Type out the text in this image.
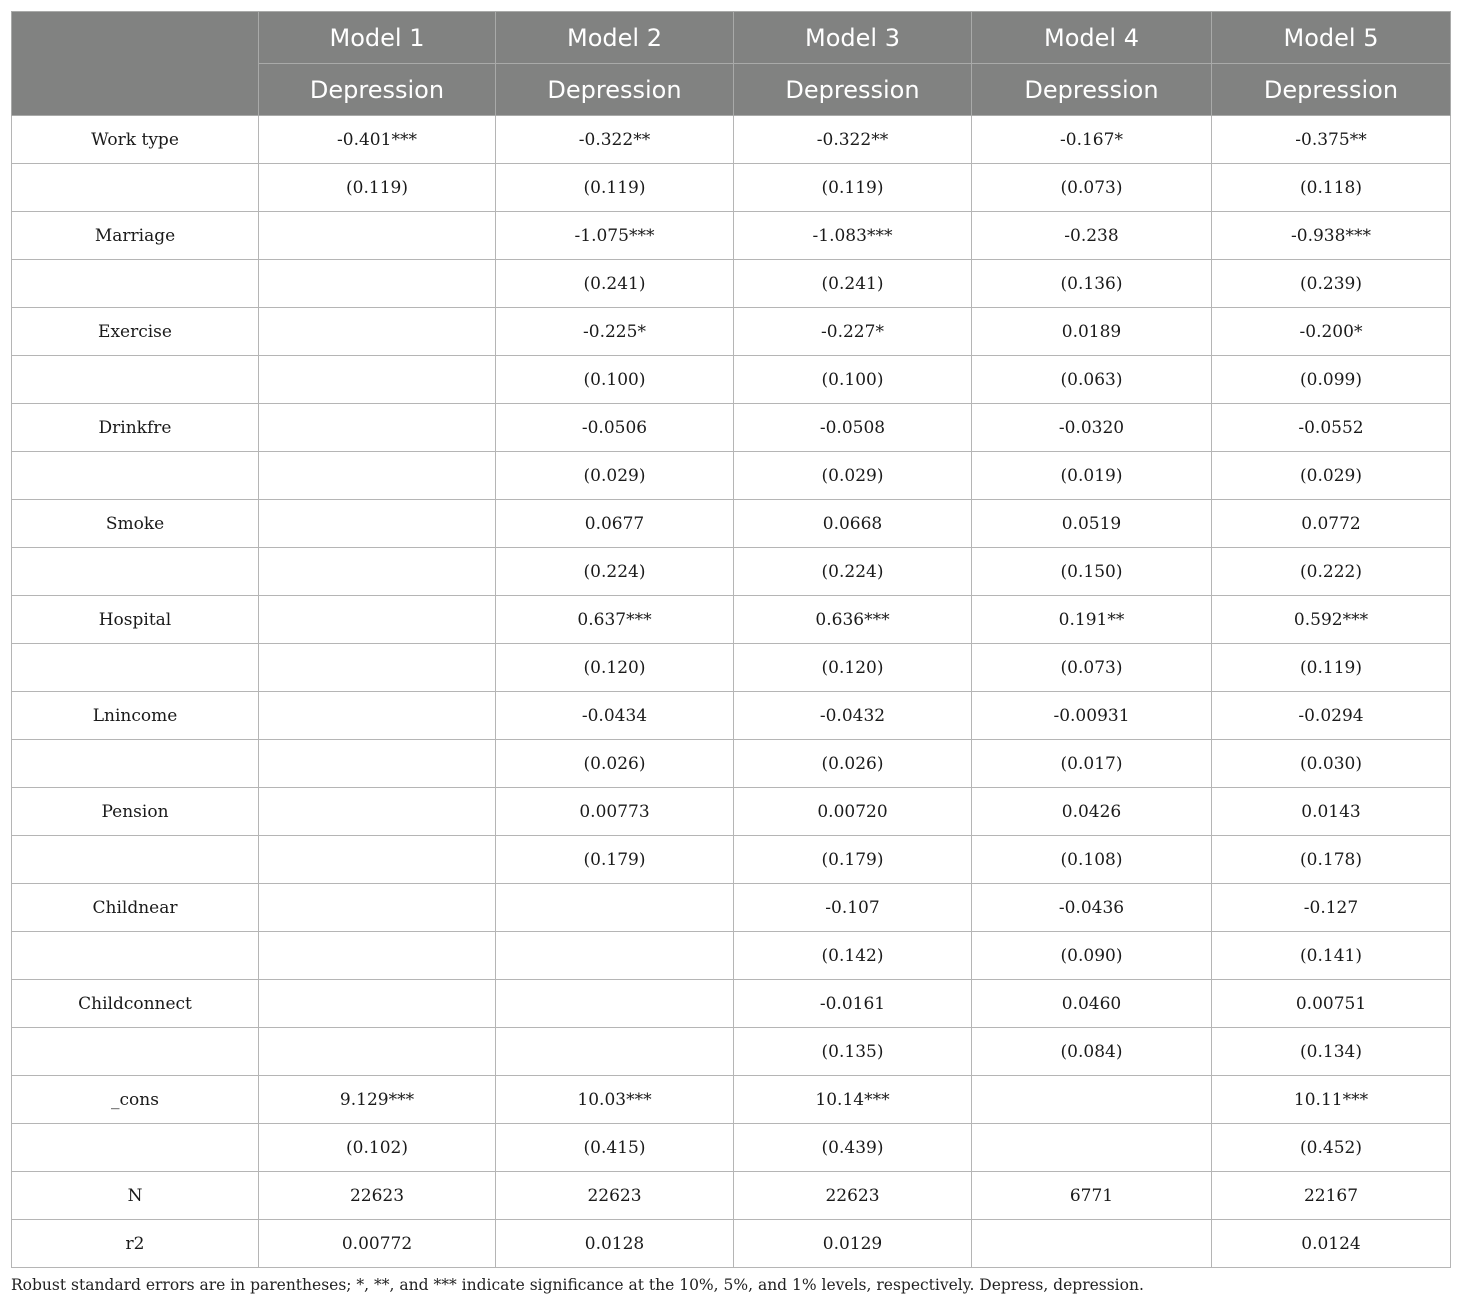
	Model 1	Model 2	Model 3	Model 4	Model 5
	Depression	Depression	Depression	Depression	Depression
Work type	-0.401***	-0.322**	-0.322**	-0.167*	-0.375**
	(0.119)	(0.119)	(0.119)	(0.073)	(0.118)
Marriage		-1.075***	-1.083***	-0.238	-0.938***
		(0.241)	(0.241)	(0.136)	(0.239)
Exercise		-0.225*	-0.227*	0.0189	-0.200*
		(0.100)	(0.100)	(0.063)	(0.099)
Drinkfre		-0.0506	-0.0508	-0.0320	-0.0552
		(0.029)	(0.029)	(0.019)	(0.029)
Smoke		0.0677	0.0668	0.0519	0.0772
		(0.224)	(0.224)	(0.150)	(0.222)
Hospital		0.637***	0.636***	0.191**	0.592***
		(0.120)	(0.120)	(0.073)	(0.119)
Lnincome		-0.0434	-0.0432	-0.00931	-0.0294
		(0.026)	(0.026)	(0.017)	(0.030)
Pension		0.00773	0.00720	0.0426	0.0143
		(0.179)	(0.179)	(0.108)	(0.178)
Childnear			-0.107	-0.0436	-0.127
			(0.142)	(0.090)	(0.141)
Childconnect			-0.0161	0.0460	0.00751
			(0.135)	(0.084)	(0.134)
_cons	9.129***	10.03***	10.14***		10.11***
	(0.102)	(0.415)	(0.439)		(0.452)
N	22623	22623	22623	6771	22167
r2	0.00772	0.0128	0.0129		0.0124
Robust standard errors are in parentheses; *, **, and *** indicate significance at the 10%, 5%, and 1% levels, respectively. Depress, depression.
